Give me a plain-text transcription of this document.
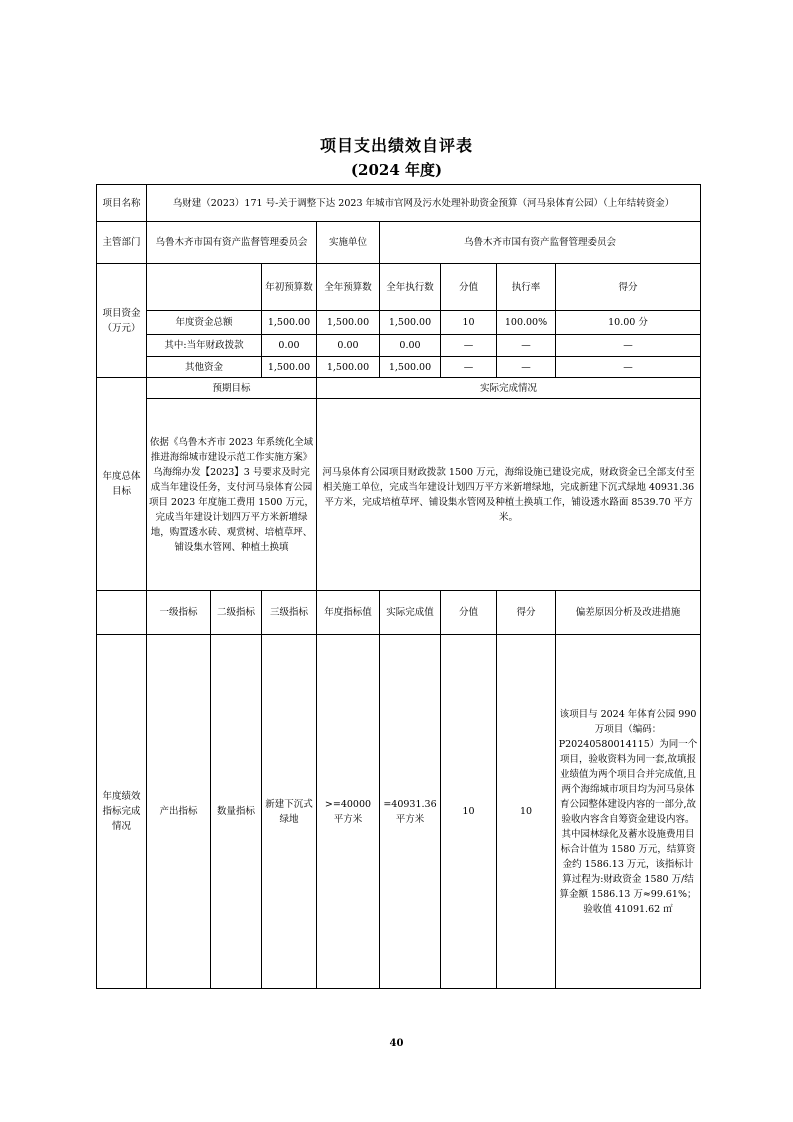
项目支出绩效自评表
(2024 年度)
项目名称	乌财建（2023）171 号-关于调整下达 2023 年城市官网及污水处理补助资金预算（河马泉体育公园）（上年结转资金）							
主管部门	乌鲁木齐市国有资产监督管理委员会			实施单位	乌鲁木齐市国有资产监督管理委员会			
项目资金（万元）			年初预算数	全年预算数	全年执行数	分值	执行率	得分
	年度资金总额		1,500.00	1,500.00	1,500.00	10	100.00%	10.00 分
	其中:当年财政拨款		0.00	0.00	0.00	—	—	—
	其他资金		1,500.00	1,500.00	1,500.00	—	—	—
年度总体目标	预期目标			实际完成情况				
	依据《乌鲁木齐市 2023 年系统化全域推进海绵城市建设示范工作实施方案》乌海绵办发【2023】3 号要求及时完成当年建设任务，支付河马泉体育公园项目 2023 年度施工费用 1500 万元，完成当年建设计划四万平方米新增绿地，购置透水砖、观赏树、培植草坪、铺设集水管网、种植土换填			河马泉体育公园项目财政拨款 1500 万元，海绵设施已建设完成，财政资金已全部支付至相关施工单位，完成当年建设计划四万平方米新增绿地，完成新建下沉式绿地 40931.36 平方米，完成培植草坪、铺设集水管网及种植土换填工作，铺设透水路面 8539.70 平方米。				
	一级指标	二级指标	三级指标	年度指标值	实际完成值	分值	得分	偏差原因分析及改进措施
年度绩效指标完成情况	产出指标	数量指标	新建下沉式绿地	>=40000 平方米	=40931.36 平方米	10	10	该项目与 2024 年体育公园 990 万项目（编码：P20240580014115）为同一个项目，验收资料为同一套,故填报业绩值为两个项目合并完成值,且两个海绵城市项目均为河马泉体育公园整体建设内容的一部分,故验收内容含自筹资金建设内容。其中园林绿化及蓄水设施费用目标合计值为 1580 万元，结算资金约 1586.13 万元，该指标计算过程为:财政资金 1580 万/结算金额 1586.13 万≈99.61%；验收值 41091.62 ㎡
40
